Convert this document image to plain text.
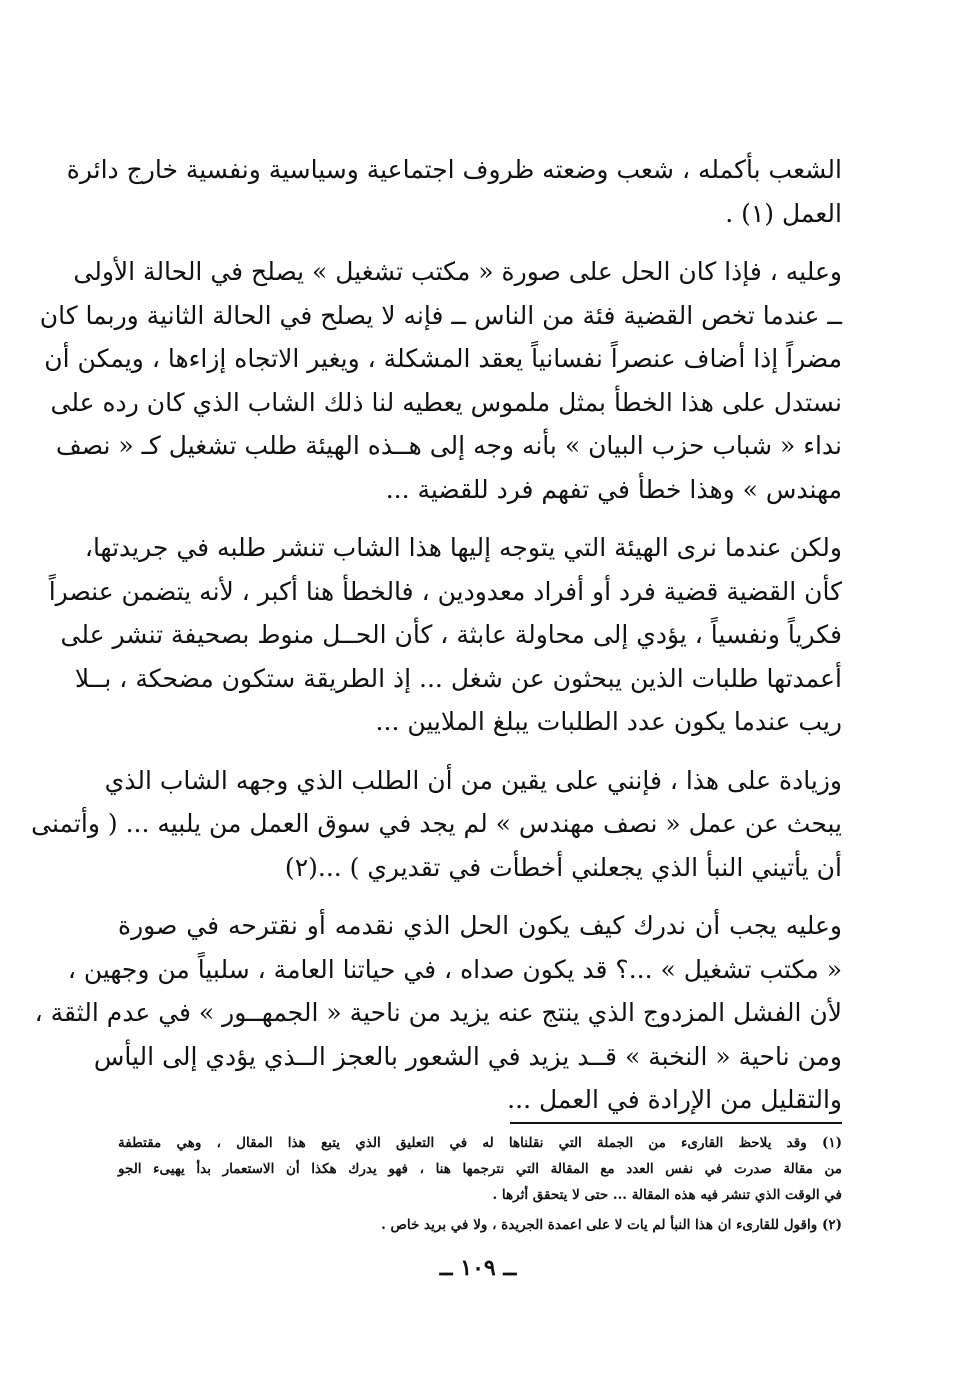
الشعب بأكمله ، شعب وضعته ظروف اجتماعية وسياسية ونفسية خارج دائرة
العمل (١) .
وعليه ، فإذا كان الحل على صورة « مكتب تشغيل » يصلح في الحالة الأولى
ــ عندما تخص القضية فئة من الناس ــ فإنه لا يصلح في الحالة الثانية وربما كان
مضراً إذا أضاف عنصراً نفسانياً يعقد المشكلة ، ويغير الاتجاه إزاءها ، ويمكن أن
نستدل على هذا الخطأ بمثل ملموس يعطيه لنا ذلك الشاب الذي كان رده على
نداء « شباب حزب البيان » بأنه وجه إلى هــذه الهيئة طلب تشغيل كـ « نصف
مهندس » وهذا خطأ في تفهم فرد للقضية ...
ولكن عندما نرى الهيئة التي يتوجه إليها هذا الشاب تنشر طلبه في جريدتها،
كأن القضية قضية فرد أو أفراد معدودين ، فالخطأ هنا أكبر ، لأنه يتضمن عنصراً
فكرياً ونفسياً ، يؤدي إلى محاولة عابثة ، كأن الحــل منوط بصحيفة تنشر على
أعمدتها طلبات الذين يبحثون عن شغل ... إذ الطريقة ستكون مضحكة ، بــلا
ريب عندما يكون عدد الطلبات يبلغ الملايين ...
وزيادة على هذا ، فإنني على يقين من أن الطلب الذي وجهه الشاب الذي
يبحث عن عمل « نصف مهندس » لم يجد في سوق العمل من يلبيه ... ( وأتمنى
أن يأتيني النبأ الذي يجعلني أخطأت في تقديري ) ...(٢)
وعليه يجب أن ندرك كيف يكون الحل الذي نقدمه أو نقترحه في صورة
« مكتب تشغيل » ...؟ قد يكون صداه ، في حياتنا العامة ، سلبياً من وجهين ،
لأن الفشل المزدوج الذي ينتج عنه يزيد من ناحية « الجمهــور » في عدم الثقة ،
ومن ناحية « النخبة » قــد يزيد في الشعور بالعجز الــذي يؤدي إلى اليأس
والتقليل من الإرادة في العمل ...
(١) وقد يلاحظ القارىء من الجملة التي نقلناها له في التعليق الذي يتبع هذا المقال ، وهي مقتطفة
من مقالة صدرت في نفس العدد مع المقالة التي نترجمها هنا ، فهو يدرك هكذا أن الاستعمار بدأ يهيىء الجو
في الوقت الذي تنشر فيه هذه المقالة ... حتى لا يتحقق أثرها .
(٢) واقول للقارىء ان هذا النبأ لم يات لا على اعمدة الجريدة ، ولا في بريد خاص .
ــ ١٠٩ ــ
